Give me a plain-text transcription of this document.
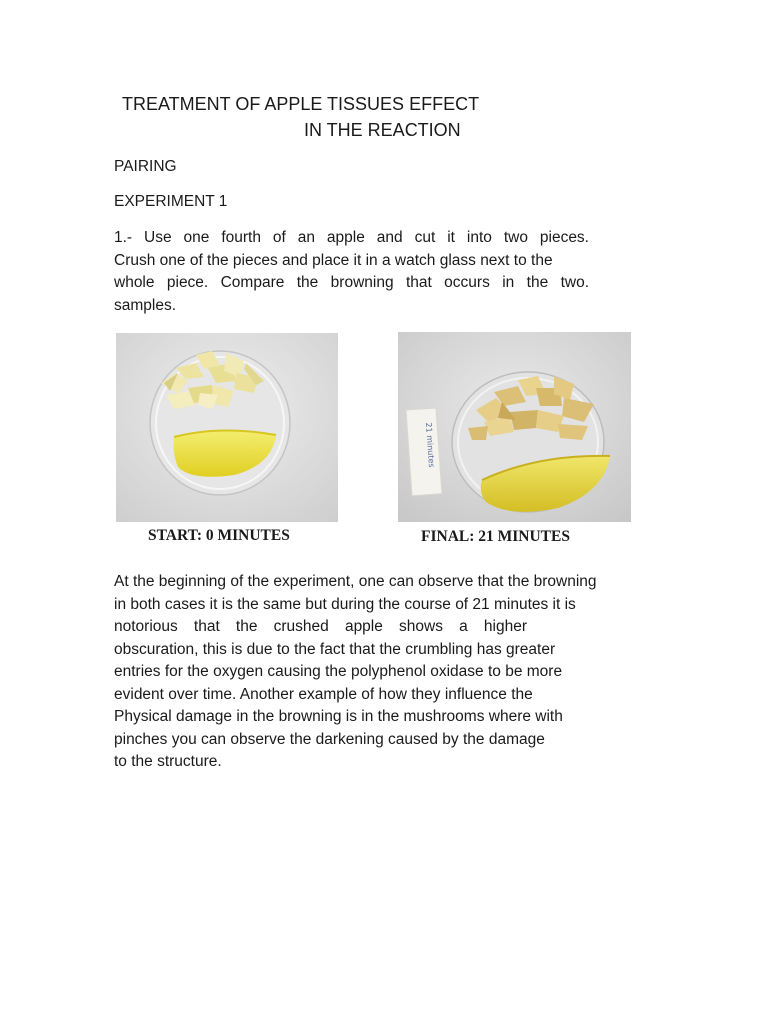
TREATMENT OF APPLE TISSUES EFFECT
IN THE REACTION

PAIRING

EXPERIMENT 1

1.- Use one fourth of an apple and cut it into two pieces.
Crush one of the pieces and place it in a watch glass next to the
whole piece. Compare the browning that occurs in the two.
samples.

START: 0 MINUTES

21 minutes

FINAL: 21 MINUTES

At the beginning of the experiment, one can observe that the browning
in both cases it is the same but during the course of 21 minutes it is
notorious that the crushed apple shows a higher
obscuration, this is due to the fact that the crumbling has greater
entries for the oxygen causing the polyphenol oxidase to be more
evident over time. Another example of how they influence the
Physical damage in the browning is in the mushrooms where with
pinches you can observe the darkening caused by the damage
to the structure.
